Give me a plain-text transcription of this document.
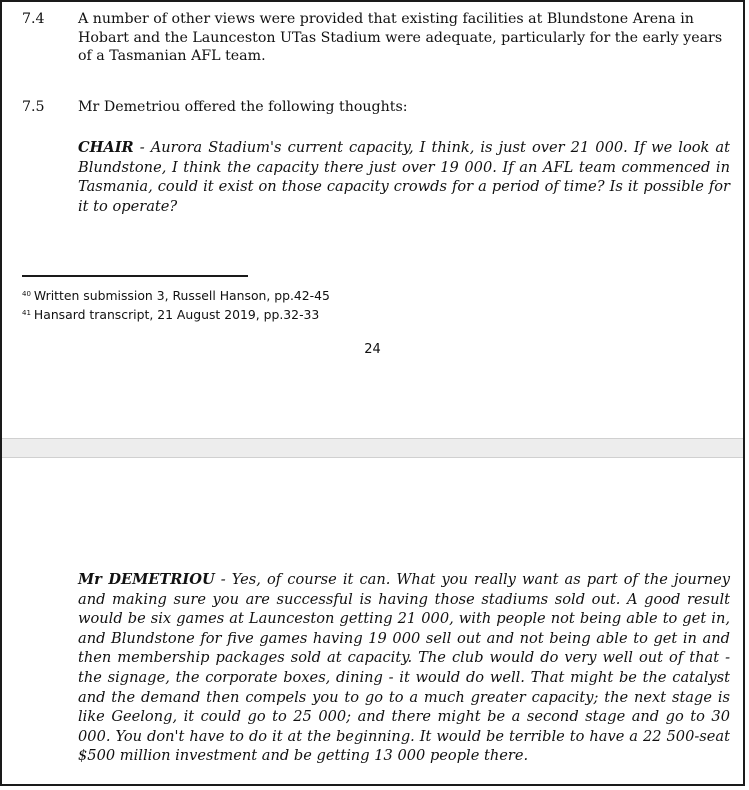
7.4 A number of other views were provided that existing facilities at Blundstone Arena in Hobart and the Launceston UTas Stadium were adequate, particularly for the early years of a Tasmanian AFL team.
7.5 Mr Demetriou offered the following thoughts:
CHAIR - Aurora Stadium's current capacity, I think, is just over 21 000. If we look at Blundstone, I think the capacity there just over 19 000. If an AFL team commenced in Tasmania, could it exist on those capacity crowds for a period of time? Is it possible for it to operate?
$^{40}$ Written submission 3, Russell Hanson, pp.42-45
$^{41}$ Hansard transcript, 21 August 2019, pp.32-33
24
Mr DEMETRIOU - Yes, of course it can. What you really want as part of the journey and making sure you are successful is having those stadiums sold out. A good result would be six games at Launceston getting 21 000, with people not being able to get in, and Blundstone for five games having 19 000 sell out and not being able to get in and then membership packages sold at capacity. The club would do very well out of that - the signage, the corporate boxes, dining - it would do well. That might be the catalyst and the demand then compels you to go to a much greater capacity; the next stage is like Geelong, it could go to 25 000; and there might be a second stage and go to 30 000. You don't have to do it at the beginning. It would be terrible to have a 22 500-seat $500 million investment and be getting 13 000 people there.
